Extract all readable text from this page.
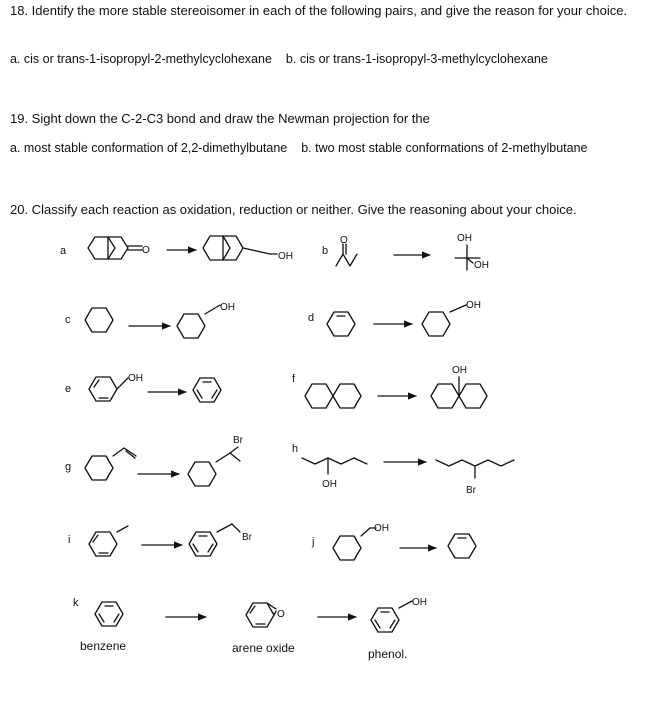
18. Identify the more stable stereoisomer in each of the following pairs, and give the reason for your choice.
a. cis or trans-1-isopropyl-2-methylcyclohexane b. cis or trans-1-isopropyl-3-methylcyclohexane
19. Sight down the C-2-C3 bond and draw the Newman projection for the
a. most stable conformation of 2,2-dimethylbutane b. two most stable conformations of 2-methylbutane
20. Classify each reaction as oxidation, reduction or neither. Give the reasoning about your choice.
a	O
OH	b
O	OH
OH
c
OH
d
OH
e
OH	f
OH
g
Br
h
OH
Br
i	Br	j
OH
k
benzene
O
arene oxide
OH
phenol.
